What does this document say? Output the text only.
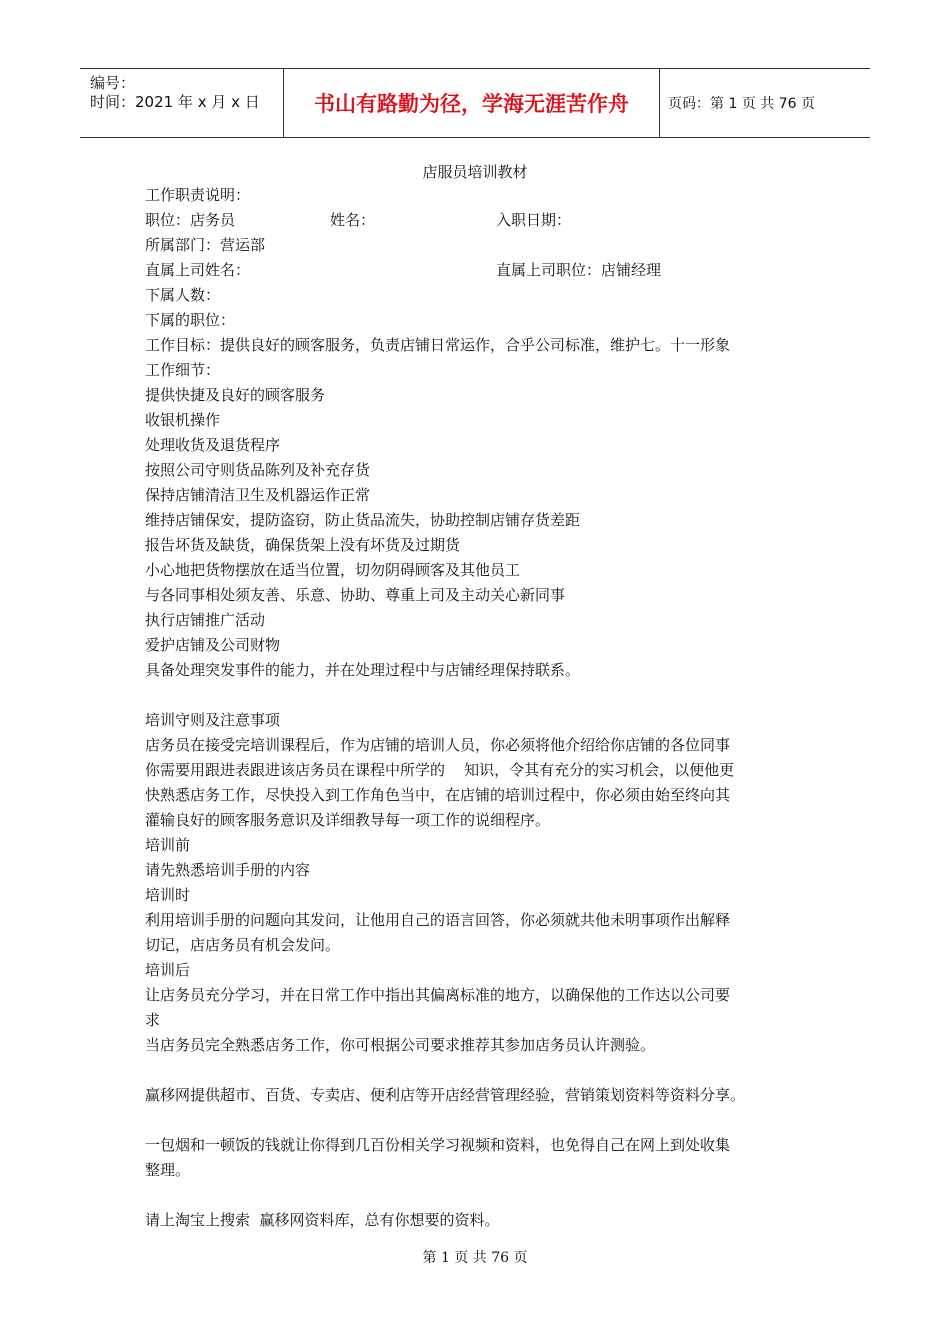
编号：
时间：2021 年 x 月 x 日	书山有路勤为径，学海无涯苦作舟	页码：第 1 页 共 76 页
店服员培训教材
工作职责说明：
职位：店务员	姓名：	入职日期：
所属部门：营运部
直属上司姓名：	直属上司职位：店铺经理
下属人数：
下属的职位：
工作目标：提供良好的顾客服务，负责店铺日常运作，合乎公司标准，维护七。十一形象
工作细节：
提供快捷及良好的顾客服务
收银机操作
处理收货及退货程序
按照公司守则货品陈列及补充存货
保持店铺清洁卫生及机器运作正常
维持店铺保安，提防盗窃，防止货品流失，协助控制店铺存货差距
报告坏货及缺货，确保货架上没有坏货及过期货
小心地把货物摆放在适当位置，切勿阴碍顾客及其他员工
与各同事相处须友善、乐意、协助、尊重上司及主动关心新同事
执行店铺推广活动
爱护店铺及公司财物
具备处理突发事件的能力，并在处理过程中与店铺经理保持联系。
培训守则及注意事项
店务员在接受完培训课程后，作为店铺的培训人员，你必须将他介绍给你店铺的各位同事
你需要用跟进表跟进该店务员在课程中所学的    知识，令其有充分的实习机会，以便他更
快熟悉店务工作，尽快投入到工作角色当中，在店铺的培训过程中，你必须由始至终向其
灌输良好的顾客服务意识及详细教导每一项工作的说细程序。
培训前
请先熟悉培训手册的内容
培训时
利用培训手册的问题向其发问，让他用自己的语言回答，你必须就共他未明事项作出解释
切记，店店务员有机会发问。
培训后
让店务员充分学习，并在日常工作中指出其偏离标准的地方，以确保他的工作达以公司要
求
当店务员完全熟悉店务工作，你可根据公司要求推荐其参加店务员认许测验。
赢移网提供超市、百货、专卖店、便利店等开店经营管理经验，营销策划资料等资料分享。
一包烟和一顿饭的钱就让你得到几百份相关学习视频和资料，也免得自己在网上到处收集
整理。
请上淘宝上搜索  赢移网资料库，总有你想要的资料。
第 1 页 共 76 页
